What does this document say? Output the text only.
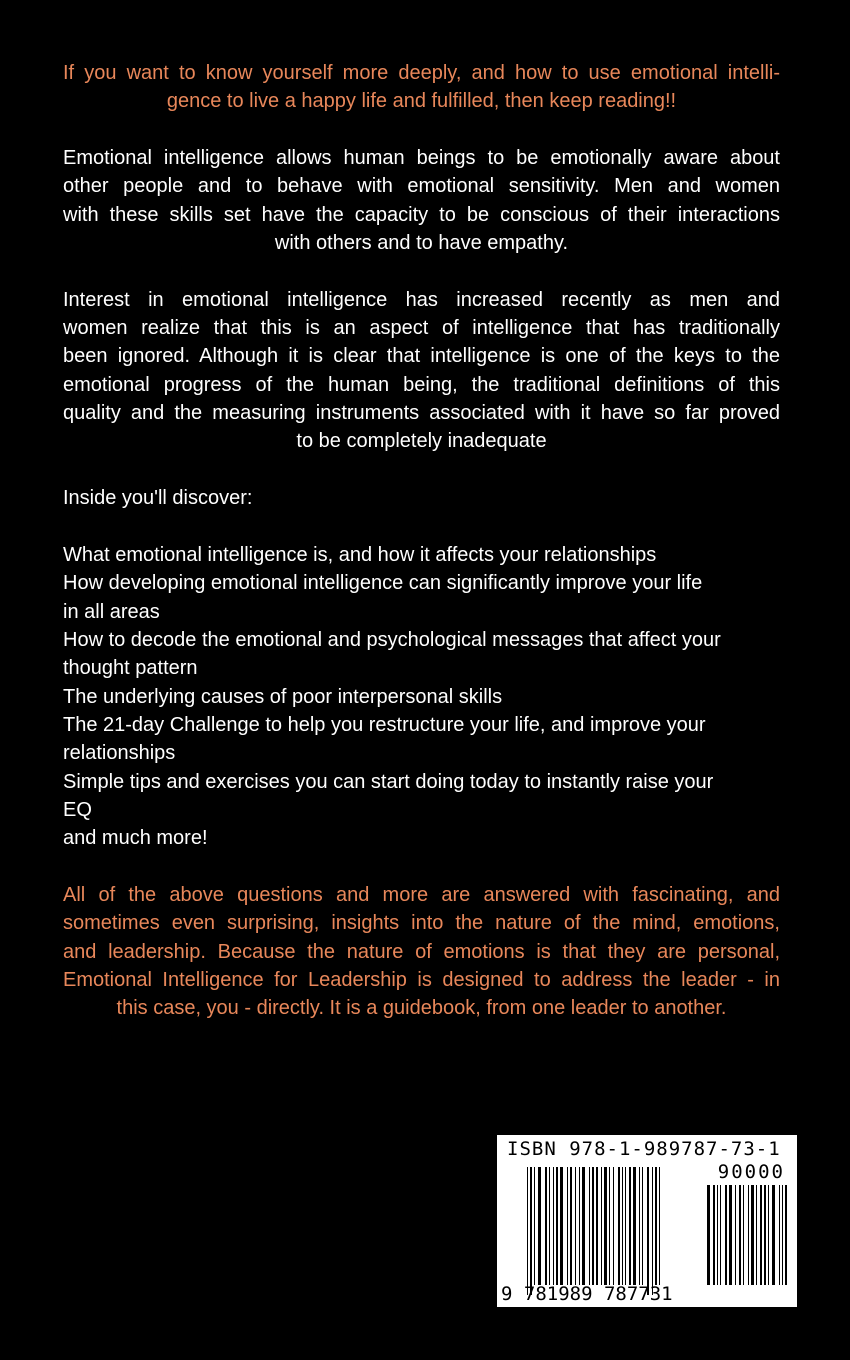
If you want to know yourself more deeply, and how to use emotional intelli-
gence to live a happy life and fulfilled, then keep reading!!
Emotional intelligence allows human beings to be emotionally aware about
other people and to behave with emotional sensitivity. Men and women
with these skills set have the capacity to be conscious of their interactions
with others and to have empathy.
Interest in emotional intelligence has increased recently as men and
women realize that this is an aspect of intelligence that has traditionally
been ignored. Although it is clear that intelligence is one of the keys to the
emotional progress of the human being, the traditional definitions of this
quality and the measuring instruments associated with it have so far proved
to be completely inadequate
Inside you'll discover:
What emotional intelligence is, and how it affects your relationships
How developing emotional intelligence can significantly improve your life
in all areas
How to decode the emotional and psychological messages that affect your
thought pattern
The underlying causes of poor interpersonal skills
The 21-day Challenge to help you restructure your life, and improve your
relationships
Simple tips and exercises you can start doing today to instantly raise your
EQ
and much more!
All of the above questions and more are answered with fascinating, and
sometimes even surprising, insights into the nature of the mind, emotions,
and leadership. Because the nature of emotions is that they are personal,
Emotional Intelligence for Leadership is designed to address the leader - in
this case, you - directly. It is a guidebook, from one leader to another.
ISBN 978-1-989787-73-1
90000
9 781989 787731
